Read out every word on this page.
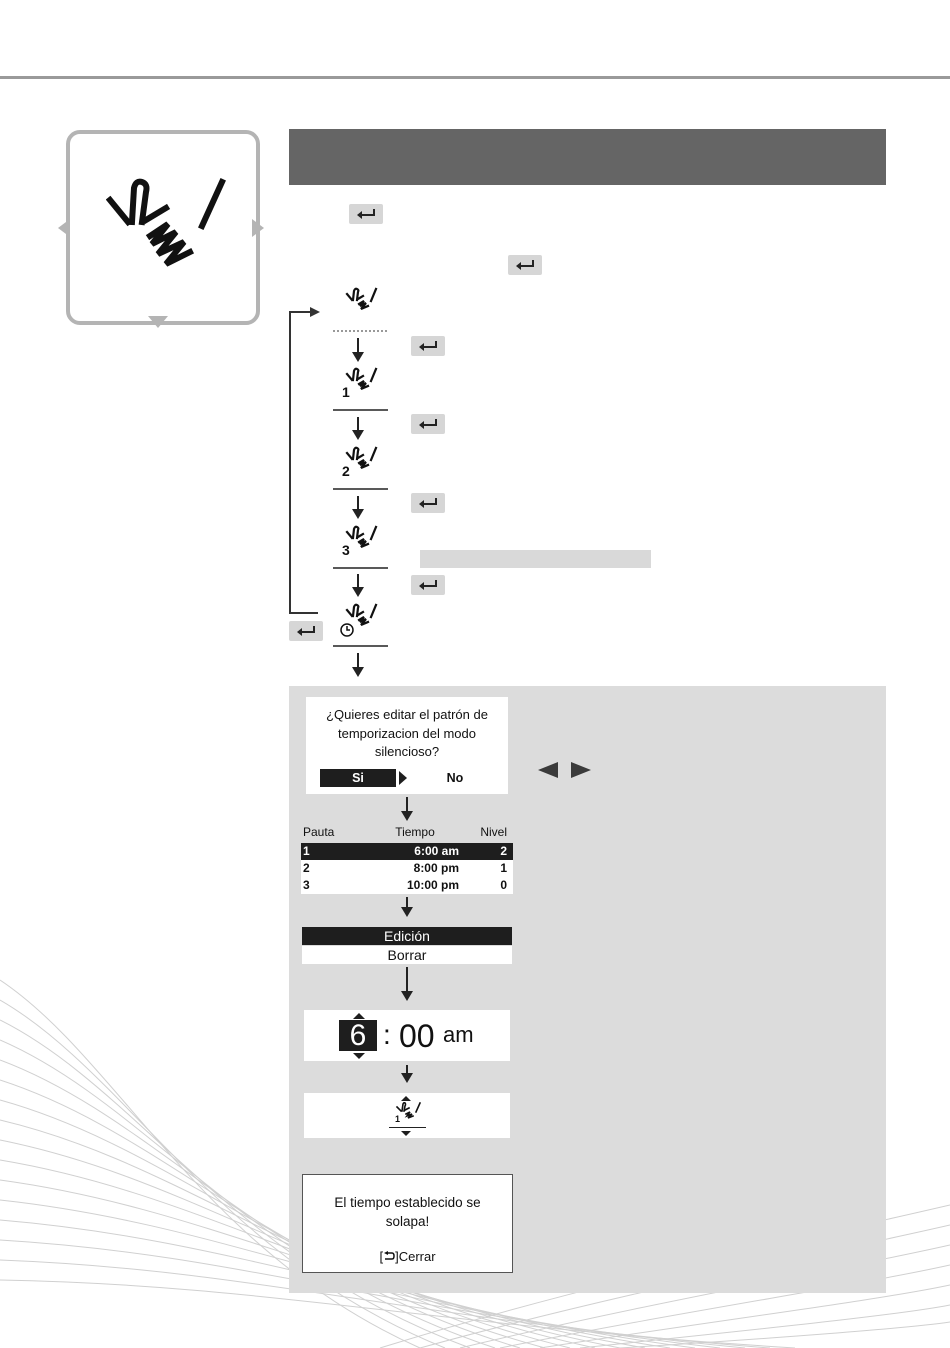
1
2
3
¿Quieres editar el patrón de
temporizacion del modo
silencioso?
Si	No
Pauta	Tiempo	Nivel
1	6:00 am	2
2	8:00 pm	1
3	10:00 pm	0
Edición
Borrar
6 : 00 am
1
El tiempo establecido se
solapa!
[ ]Cerrar
